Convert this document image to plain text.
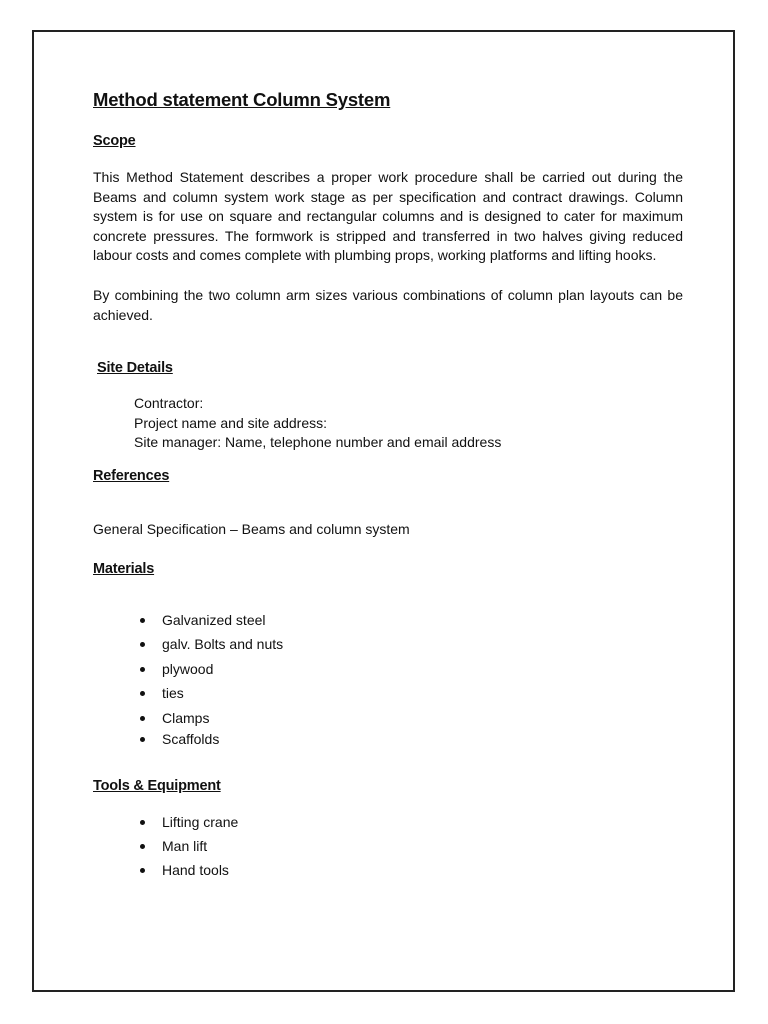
Method statement Column System
Scope

This Method Statement describes a proper work procedure shall be carried out during the Beams and column system work stage as per specification and contract drawings. Column system is for use on square and rectangular columns and is designed to cater for maximum concrete pressures. The formwork is stripped and transferred in two halves giving reduced labour costs and comes complete with plumbing props, working platforms and lifting hooks.

By combining the two column arm sizes various combinations of column plan layouts can be achieved.

Site Details
Contractor:
Project name and site address:
Site manager: Name, telephone number and email address
References
General Specification – Beams and column system
Materials
Galvanized steel
galv. Bolts and nuts
plywood
ties
Clamps
Scaffolds
Tools & Equipment
Lifting crane
Man lift
Hand tools
